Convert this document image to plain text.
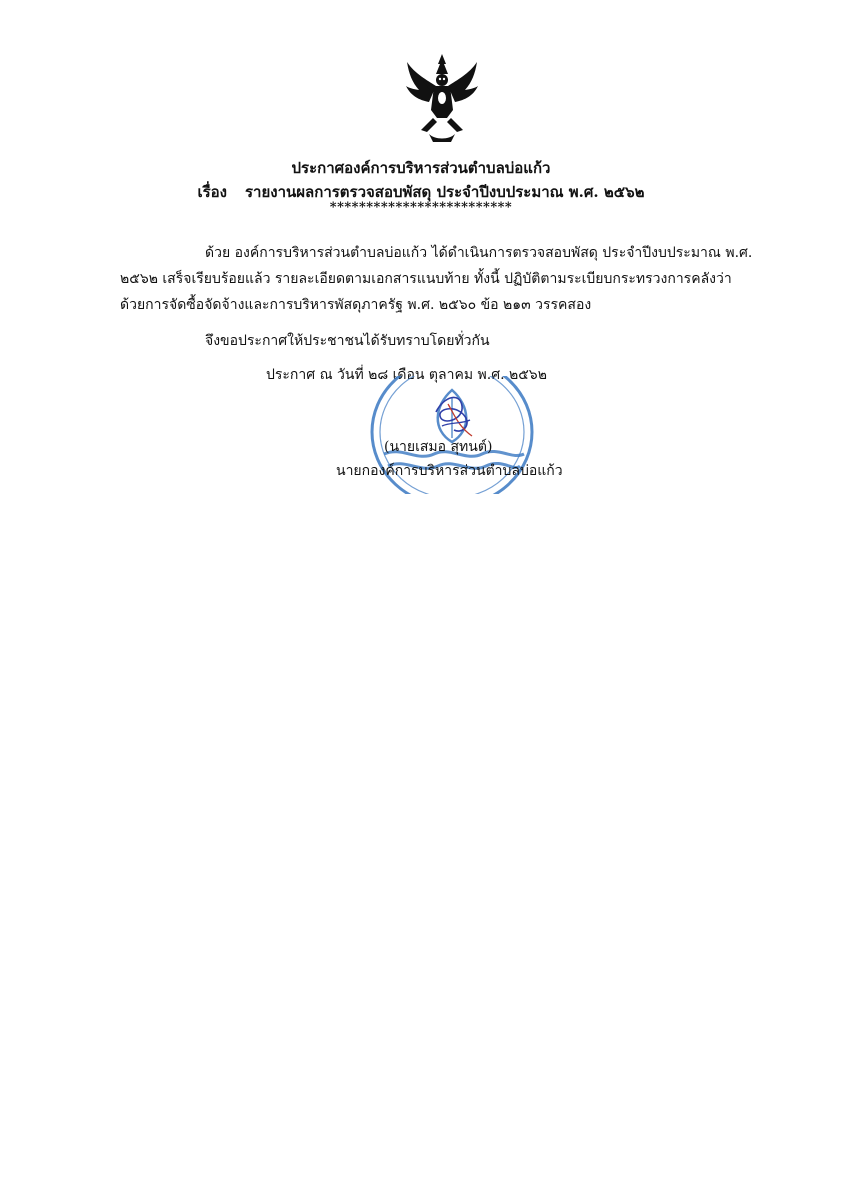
ประกาศองค์การบริหารส่วนตำบลบ่อแก้ว
เรื่อง รายงานผลการตรวจสอบพัสดุ ประจำปีงบประมาณ พ.ศ. ๒๕๖๒
*************************
ด้วย องค์การบริหารส่วนตำบลบ่อแก้ว ได้ดำเนินการตรวจสอบพัสดุ ประจำปีงบประมาณ พ.ศ.
๒๕๖๒ เสร็จเรียบร้อยแล้ว รายละเอียดตามเอกสารแนบท้าย ทั้งนี้ ปฏิบัติตามระเบียบกระทรวงการคลังว่า
ด้วยการจัดซื้อจัดจ้างและการบริหารพัสดุภาครัฐ พ.ศ. ๒๕๖๐ ข้อ ๒๑๓ วรรคสอง
จึงขอประกาศให้ประชาชนได้รับทราบโดยทั่วกัน
ประกาศ ณ วันที่ ๒๘ เดือน ตุลาคม พ.ศ. ๒๕๖๒
(นายเสมอ สุทนต์)
นายกองค์การบริหารส่วนตำบลบ่อแก้ว
